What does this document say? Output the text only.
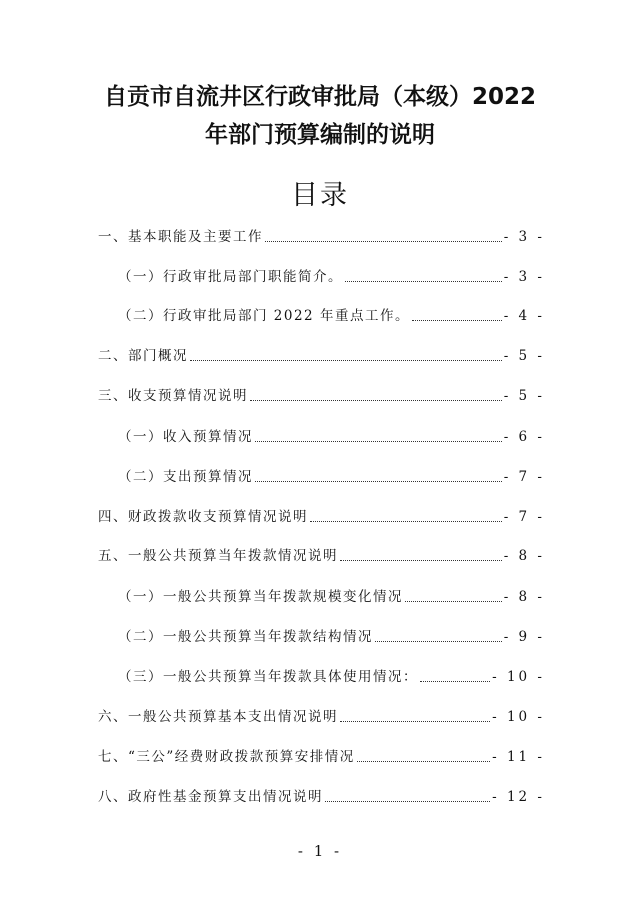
自贡市自流井区行政审批局（本级）2022
年部门预算编制的说明
目录
一、基本职能及主要工作	- 3 -
（一）行政审批局部门职能简介。	- 3 -
（二）行政审批局部门 2022 年重点工作。	- 4 -
二、部门概况	- 5 -
三、收支预算情况说明	- 5 -
（一）收入预算情况	- 6 -
（二）支出预算情况	- 7 -
四、财政拨款收支预算情况说明	- 7 -
五、一般公共预算当年拨款情况说明	- 8 -
（一）一般公共预算当年拨款规模变化情况	- 8 -
（二）一般公共预算当年拨款结构情况	- 9 -
（三）一般公共预算当年拨款具体使用情况：	- 10 -
六、一般公共预算基本支出情况说明	- 10 -
七、“三公”经费财政拨款预算安排情况	- 11 -
八、政府性基金预算支出情况说明	- 12 -
- 1 -
